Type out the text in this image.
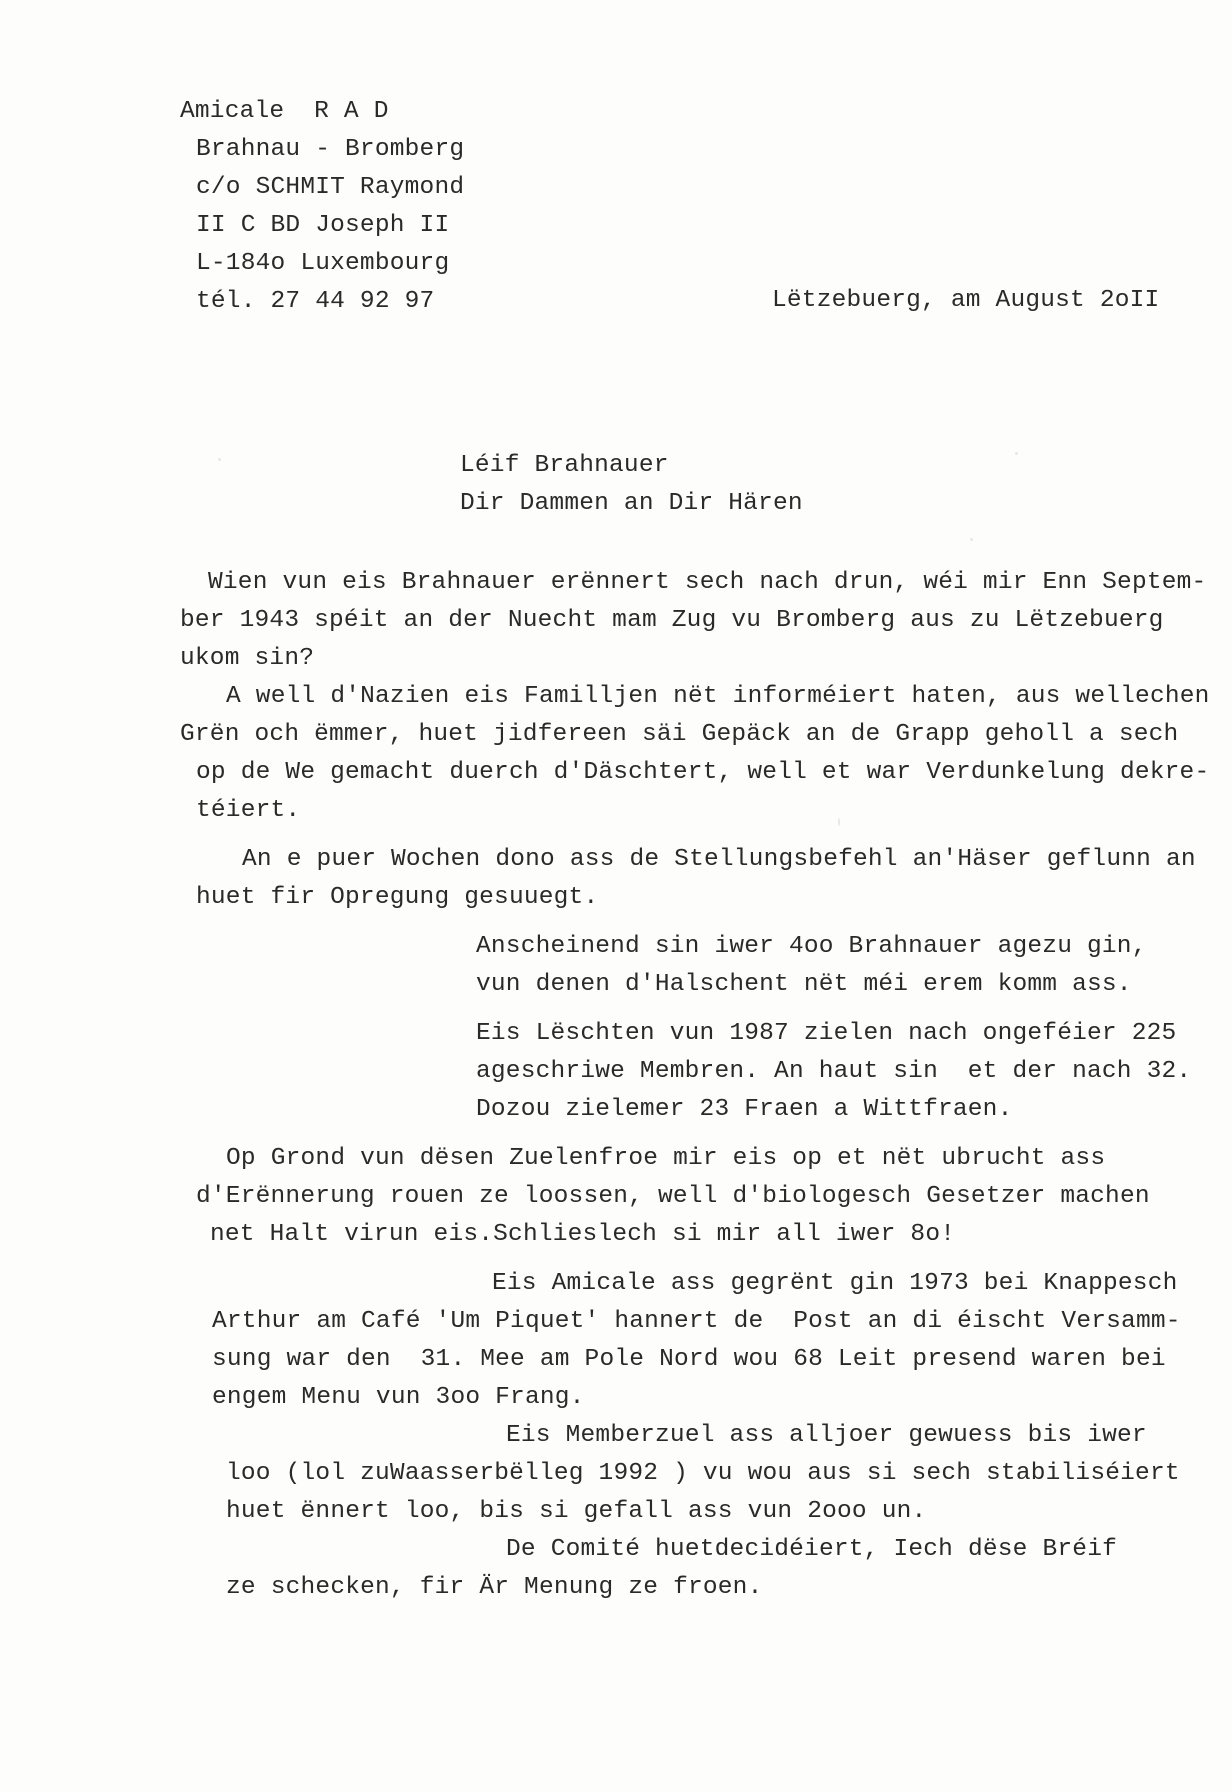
Amicale  R A D
Brahnau - Bromberg
c/o SCHMIT Raymond
II C BD Joseph II
L-184o Luxembourg
tél. 27 44 92 97	Lëtzebuerg, am August 2oII
Léif Brahnauer
Dir Dammen an Dir Hären
Wien vun eis Brahnauer erënnert sech nach drun, wéi mir Enn Septem-
ber 1943 spéit an der Nuecht mam Zug vu Bromberg aus zu Lëtzebuerg
ukom sin?
A well d'Nazien eis Familljen nët informéiert haten, aus wellechen
Grën och ëmmer, huet jidfereen säi Gepäck an de Grapp geholl a sech
op de We gemacht duerch d'Däschtert, well et war Verdunkelung dekre-
téiert.
An e puer Wochen dono ass de Stellungsbefehl an'Häser geflunn an
huet fir Opregung gesuuegt.
Anscheinend sin iwer 4oo Brahnauer agezu gin,
vun denen d'Halschent nët méi erem komm ass.
Eis Lëschten vun 1987 zielen nach ongeféier 225
ageschriwe Membren. An haut sin  et der nach 32.
Dozou zielemer 23 Fraen a Wittfraen.
Op Grond vun dësen Zuelenfroe mir eis op et nët ubrucht ass
d'Erënnerung rouen ze loossen, well d'biologesch Gesetzer machen
net Halt virun eis.Schlieslech si mir all iwer 8o!
Eis Amicale ass gegrënt gin 1973 bei Knappesch
Arthur am Café 'Um Piquet' hannert de  Post an di éischt Versamm-
sung war den  31. Mee am Pole Nord wou 68 Leit presend waren bei
engem Menu vun 3oo Frang.
Eis Memberzuel ass alljoer gewuess bis iwer
loo (lol zuWaasserbëlleg 1992 ) vu wou aus si sech stabiliséiert
huet ënnert loo, bis si gefall ass vun 2ooo un.
De Comité huetdecidéiert, Iech dëse Bréif
ze schecken, fir Är Menung ze froen.
